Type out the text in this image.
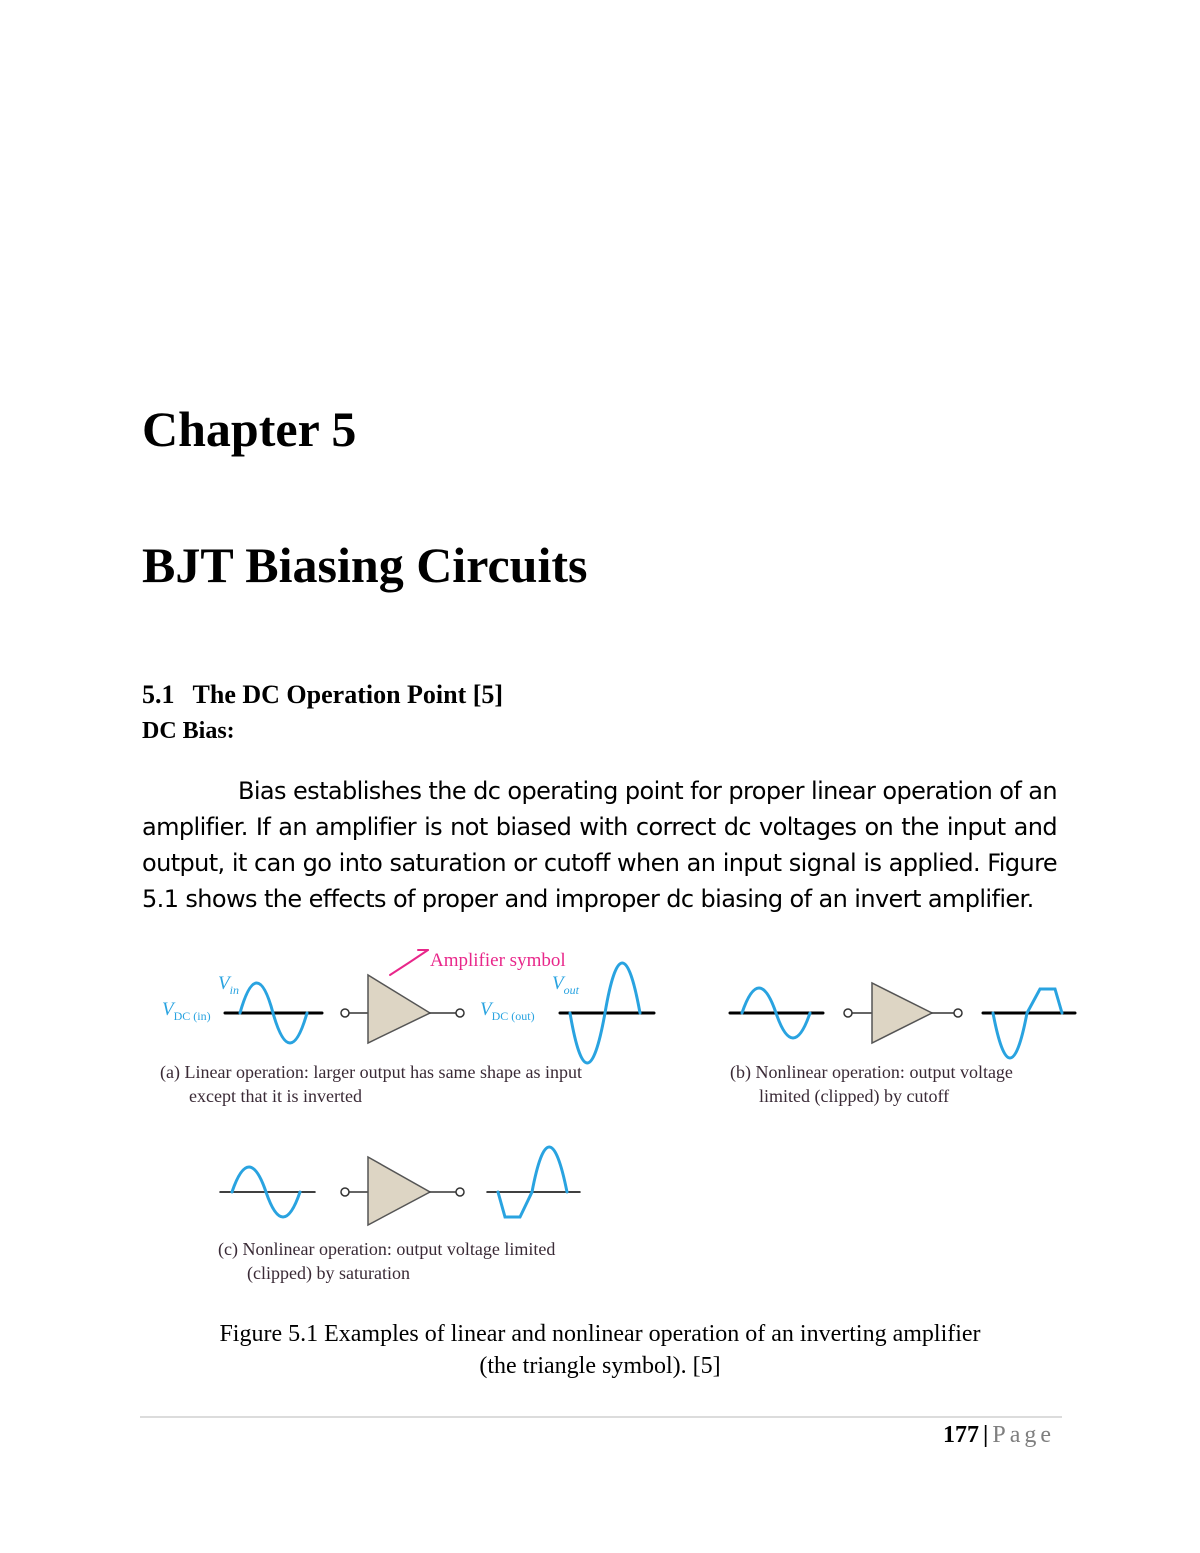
Chapter 5
BJT Biasing Circuits
5.1 The DC Operation Point [5]
DC Bias:
Bias establishes the dc operating point for proper linear operation of an amplifier. If an amplifier is not biased with correct dc voltages on the input and output, it can go into saturation or cutoff when an input signal is applied. Figure 5.1 shows the effects of proper and improper dc biasing of an invert amplifier.
Amplifier symbol
$V_{in}$
$V_{DC (in)}$
$V_{out}$
$V_{DC (out)}$
(a) Linear operation: larger output has same shape as input
except that it is inverted
(b) Nonlinear operation: output voltage
limited (clipped) by cutoff
(c) Nonlinear operation: output voltage limited
(clipped) by saturation
Figure 5.1 Examples of linear and nonlinear operation of an inverting amplifier
(the triangle symbol). [5]
177 | Page
